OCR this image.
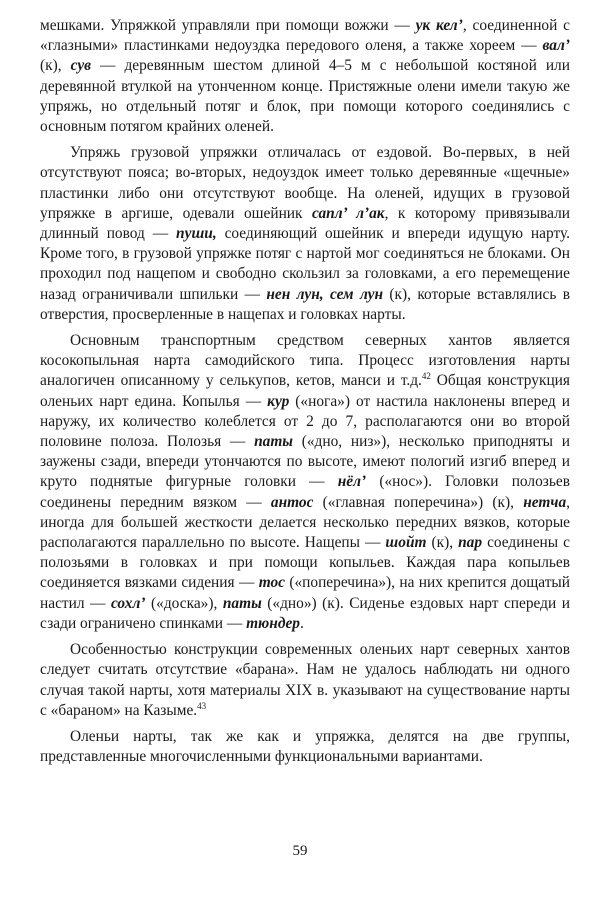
мешками. Упряжкой управляли при помощи вожжи — ук кел’, соединенной с «глазными» пластинками недоуздка передового оленя, а также хореем — вал’ (к), сув — деревянным шестом длиной 4–5 м с небольшой костяной или деревянной втулкой на утонченном конце. Пристяжные олени имели такую же упряжь, но отдельный потяг и блок, при помощи которого соединялись с основным потягом крайних оленей.

Упряжь грузовой упряжки отличалась от ездовой. Во-первых, в ней отсутствуют пояса; во-вторых, недоуздок имеет только деревянные «щечные» пластинки либо они отсутствуют вообще. На оленей, идущих в грузовой упряжке в аргише, одевали ошейник сапл’ л’ак, к которому привязывали длинный повод — пуши, соединяющий ошейник и впереди идущую нарту. Кроме того, в грузовой упряжке потяг с нартой мог соединяться не блоками. Он проходил под нащепом и свободно скользил за головками, а его перемещение назад ограничивали шпильки — нен лун, сем лун (к), которые вставлялись в отверстия, просверленные в нащепах и головках нарты.

Основным транспортным средством северных хантов является косокопыльная нарта самодийского типа. Процесс изготовления нарты аналогичен описанному у селькупов, кетов, манси и т.д.$^{42}$ Общая конструкция оленьих нарт едина. Копылья — кур («нога») от настила наклонены вперед и наружу, их количество колеблется от 2 до 7, располагаются они во второй половине полоза. Полозья — паты («дно, низ»), несколько приподняты и заужены сзади, впереди утончаются по высоте, имеют пологий изгиб вперед и круто поднятые фигурные головки — нёл’ («нос»). Головки полозьев соединены передним вязком — антос («главная поперечина») (к), нетча, иногда для большей жесткости делается несколько передних вязков, которые располагаются параллельно по высоте. Нащепы — шойт (к), пар соединены с полозьями в головках и при помощи копыльев. Каждая пара копыльев соединяется вязками сидения — тос («поперечина»), на них крепится дощатый настил — сохл’ («доска»), паты («дно») (к). Сиденье ездовых нарт спереди и сзади ограничено спинками — тюндер.

Особенностью конструкции современных оленьих нарт северных хантов следует считать отсутствие «барана». Нам не удалось наблюдать ни одного случая такой нарты, хотя материалы XIX в. указывают на существование нарты с «бараном» на Казыме.$^{43}$

Оленьи нарты, так же как и упряжка, делятся на две группы, представленные многочисленными функциональными вариантами.

59
